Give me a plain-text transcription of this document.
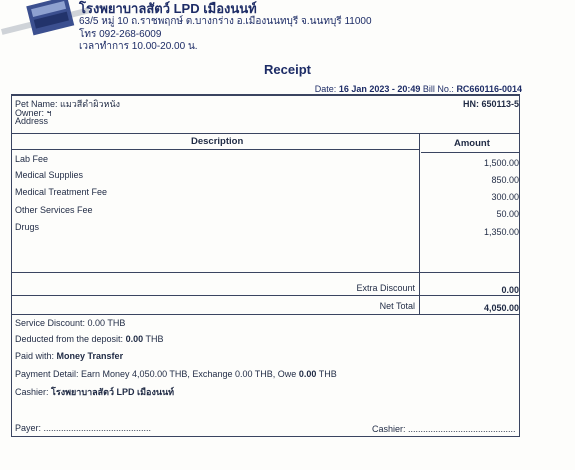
โรงพยาบาลสัตว์ LPD เมืองนนท์
63/5 หมู่ 10 ถ.ราชพฤกษ์ ต.บางกร่าง อ.เมืองนนทบุรี จ.นนทบุรี 11000
โทร 092-268-6009
เวลาทำการ 10.00-20.00 น.
Receipt
Date: 16 Jan 2023 - 20:49 Bill No.: RC660116-0014
Pet Name: แมวสีดำผิวหนัง	HN: 650113-5
Owner: ฯ
Address
Description	Amount
Lab Fee	1,500.00
Medical Supplies	850.00
Medical Treatment Fee	300.00
Other Services Fee	50.00
Drugs	1,350.00
Extra Discount	0.00
Net Total	4,050.00
Service Discount: 0.00 THB
Deducted from the deposit: 0.00 THB
Paid with: Money Transfer
Payment Detail: Earn Money 4,050.00 THB, Exchange 0.00 THB, Owe 0.00 THB
Cashier: โรงพยาบาลสัตว์ LPD เมืองนนท์
Payer: ...........................................	Cashier: ...........................................
